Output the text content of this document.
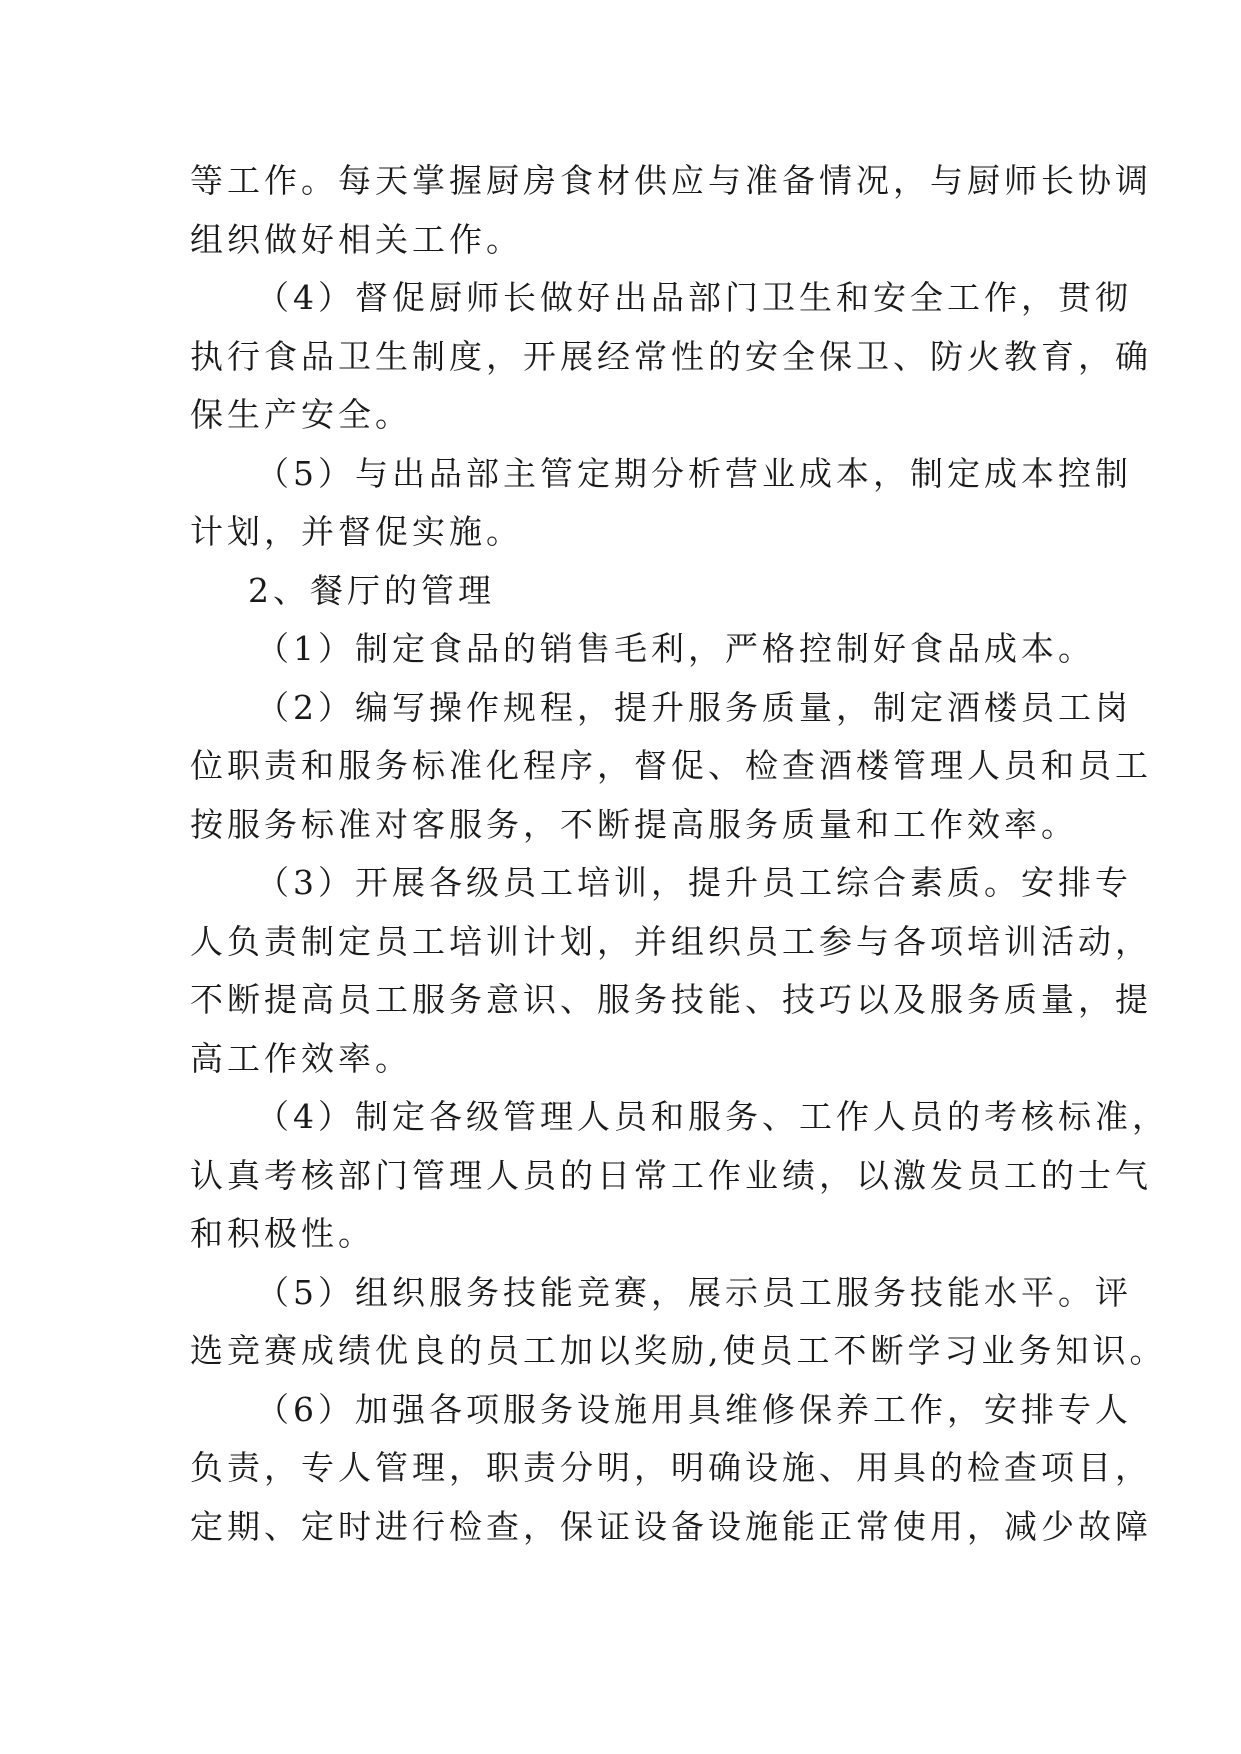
等工作。每天掌握厨房食材供应与准备情况，与厨师长协调
组织做好相关工作。
（4）督促厨师长做好出品部门卫生和安全工作，贯彻
执行食品卫生制度，开展经常性的安全保卫、防火教育，确
保生产安全。
（5）与出品部主管定期分析营业成本，制定成本控制
计划，并督促实施。
2、餐厅的管理
（1）制定食品的销售毛利，严格控制好食品成本。
（2）编写操作规程，提升服务质量，制定酒楼员工岗
位职责和服务标准化程序，督促、检查酒楼管理人员和员工
按服务标准对客服务，不断提高服务质量和工作效率。
（3）开展各级员工培训，提升员工综合素质。安排专
人负责制定员工培训计划，并组织员工参与各项培训活动，
不断提高员工服务意识、服务技能、技巧以及服务质量，提
高工作效率。
（4）制定各级管理人员和服务、工作人员的考核标准，
认真考核部门管理人员的日常工作业绩，以激发员工的士气
和积极性。
（5）组织服务技能竞赛，展示员工服务技能水平。评
选竞赛成绩优良的员工加以奖励,使员工不断学习业务知识。
（6）加强各项服务设施用具维修保养工作，安排专人
负责，专人管理，职责分明，明确设施、用具的检查项目，
定期、定时进行检查，保证设备设施能正常使用，减少故障
